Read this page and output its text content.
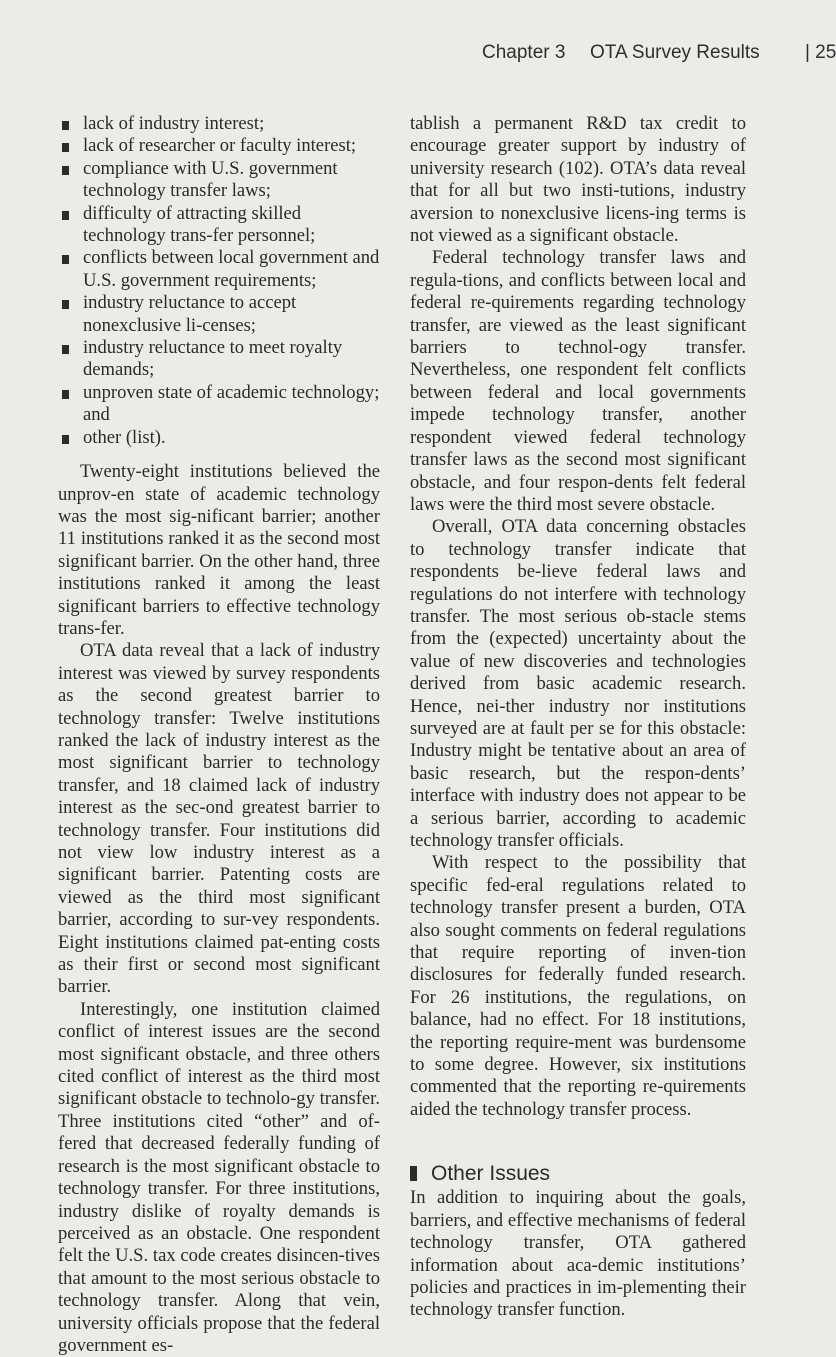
Chapter 3 OTA Survey Results | 25
lack of industry interest;
lack of researcher or faculty interest;
compliance with U.S. government technology transfer laws;
difficulty of attracting skilled technology trans-fer personnel;
conflicts between local government and U.S. government requirements;
industry reluctance to accept nonexclusive li-censes;
industry reluctance to meet royalty demands;
unproven state of academic technology; and
other (list).

Twenty-eight institutions believed the unprov-en state of academic technology was the most sig-nificant barrier; another 11 institutions ranked it as the second most significant barrier. On the other hand, three institutions ranked it among the least significant barriers to effective technology trans-fer.

OTA data reveal that a lack of industry interest was viewed by survey respondents as the second greatest barrier to technology transfer: Twelve institutions ranked the lack of industry interest as the most significant barrier to technology transfer, and 18 claimed lack of industry interest as the sec-ond greatest barrier to technology transfer. Four institutions did not view low industry interest as a significant barrier. Patenting costs are viewed as the third most significant barrier, according to sur-vey respondents. Eight institutions claimed pat-enting costs as their first or second most significant barrier.

Interestingly, one institution claimed conflict of interest issues are the second most significant obstacle, and three others cited conflict of interest as the third most significant obstacle to technolo-gy transfer. Three institutions cited “other” and of-fered that decreased federally funding of research is the most significant obstacle to technology transfer. For three institutions, industry dislike of royalty demands is perceived as an obstacle. One respondent felt the U.S. tax code creates disincen-tives that amount to the most serious obstacle to technology transfer. Along that vein, university officials propose that the federal government es-

tablish a permanent R&D tax credit to encourage greater support by industry of university research (102). OTA’s data reveal that for all but two insti-tutions, industry aversion to nonexclusive licens-ing terms is not viewed as a significant obstacle.

Federal technology transfer laws and regula-tions, and conflicts between local and federal re-quirements regarding technology transfer, are viewed as the least significant barriers to technol-ogy transfer. Nevertheless, one respondent felt conflicts between federal and local governments impede technology transfer, another respondent viewed federal technology transfer laws as the second most significant obstacle, and four respon-dents felt federal laws were the third most severe obstacle.

Overall, OTA data concerning obstacles to technology transfer indicate that respondents be-lieve federal laws and regulations do not interfere with technology transfer. The most serious ob-stacle stems from the (expected) uncertainty about the value of new discoveries and technologies derived from basic academic research. Hence, nei-ther industry nor institutions surveyed are at fault per se for this obstacle: Industry might be tentative about an area of basic research, but the respon-dents’ interface with industry does not appear to be a serious barrier, according to academic technology transfer officials.

With respect to the possibility that specific fed-eral regulations related to technology transfer present a burden, OTA also sought comments on federal regulations that require reporting of inven-tion disclosures for federally funded research. For 26 institutions, the regulations, on balance, had no effect. For 18 institutions, the reporting require-ment was burdensome to some degree. However, six institutions commented that the reporting re-quirements aided the technology transfer process.

Other Issues

In addition to inquiring about the goals, barriers, and effective mechanisms of federal technology transfer, OTA gathered information about aca-demic institutions’ policies and practices in im-plementing their technology transfer function.
